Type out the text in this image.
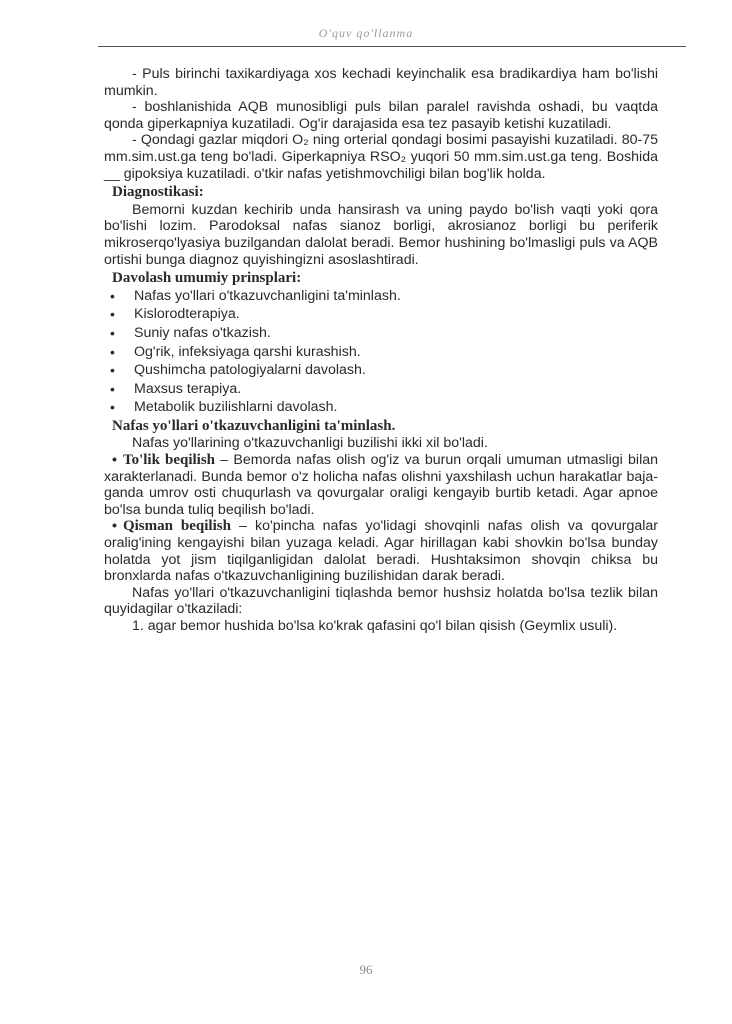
O'quv qo'llanma

- Puls birinchi taxikardiyaga xos kechadi keyinchalik esa bradikardiya ham bo'lishi mumkin.

- boshlanishida AQB munosibligi puls bilan paralel ravishda oshadi, bu vaqtda qonda giperkapniya kuzatiladi. Og'ir darajasida esa tez pasayib ketishi kuzatiladi.

- Qondagi gazlar miqdori O₂ ning orterial qondagi bosimi pasayishi kuzatiladi. 80-75 mm.sim.ust.ga teng bo'ladi. Giperkapniya RSO₂ yuqori 50 mm.sim.ust.ga teng. Boshida __ gipoksiya kuzatiladi. o'tkir nafas yetishmovchiligi bilan bog'lik holda.

Diagnostikasi:

Bemorni kuzdan kechirib unda hansirash va uning paydo bo'lish vaqti yoki qora bo'lishi lozim. Parodoksal nafas sianoz borligi, akrosianoz borligi bu periferik mikroserqo'lyasiya buzilgandan dalolat beradi. Bemor hushining bo'lmasligi puls va AQB ortishi bunga diagnoz quyishingizni asoslashtiradi.

Davolash umumiy prinsplari:
• Nafas yo'llari o'tkazuvchanligini ta'minlash.
• Kislorodterapiya.
• Suniy nafas o'tkazish.
• Og'rik, infeksiyaga qarshi kurashish.
• Qushimcha patologiyalarni davolash.
• Maxsus terapiya.
• Metabolik buzilishlarni davolash.
Nafas yo'llari o'tkazuvchanligini ta'minlash.

Nafas yo'llarining o'tkazuvchanligi buzilishi ikki xil bo'ladi.

• To'lik beqilish – Bemorda nafas olish og'iz va burun orqali umuman utmasligi bilan xarakterlanadi. Bunda bemor o'z holicha nafas olishni yaxshilash uchun harakatlar baja-ganda umrov osti chuqurlash va qovurgalar oraligi kengayib burtib ketadi. Agar apnoe bo'lsa bunda tuliq beqilish bo'ladi.

• Qisman beqilish – ko'pincha nafas yo'lidagi shovqinli nafas olish va qovurgalar oralig'ining kengayishi bilan yuzaga keladi. Agar hirillagan kabi shovkin bo'lsa bunday holatda yot jism tiqilganligidan dalolat beradi. Hushtaksimon shovqin chiksa bu bronxlarda nafas o'tkazuvchanligining buzilishidan darak beradi.

Nafas yo'llari o'tkazuvchanligini tiqlashda bemor hushsiz holatda bo'lsa tezlik bilan quyidagilar o'tkaziladi:

1. agar bemor hushida bo'lsa ko'krak qafasini qo'l bilan qisish (Geymlix usuli).

96
